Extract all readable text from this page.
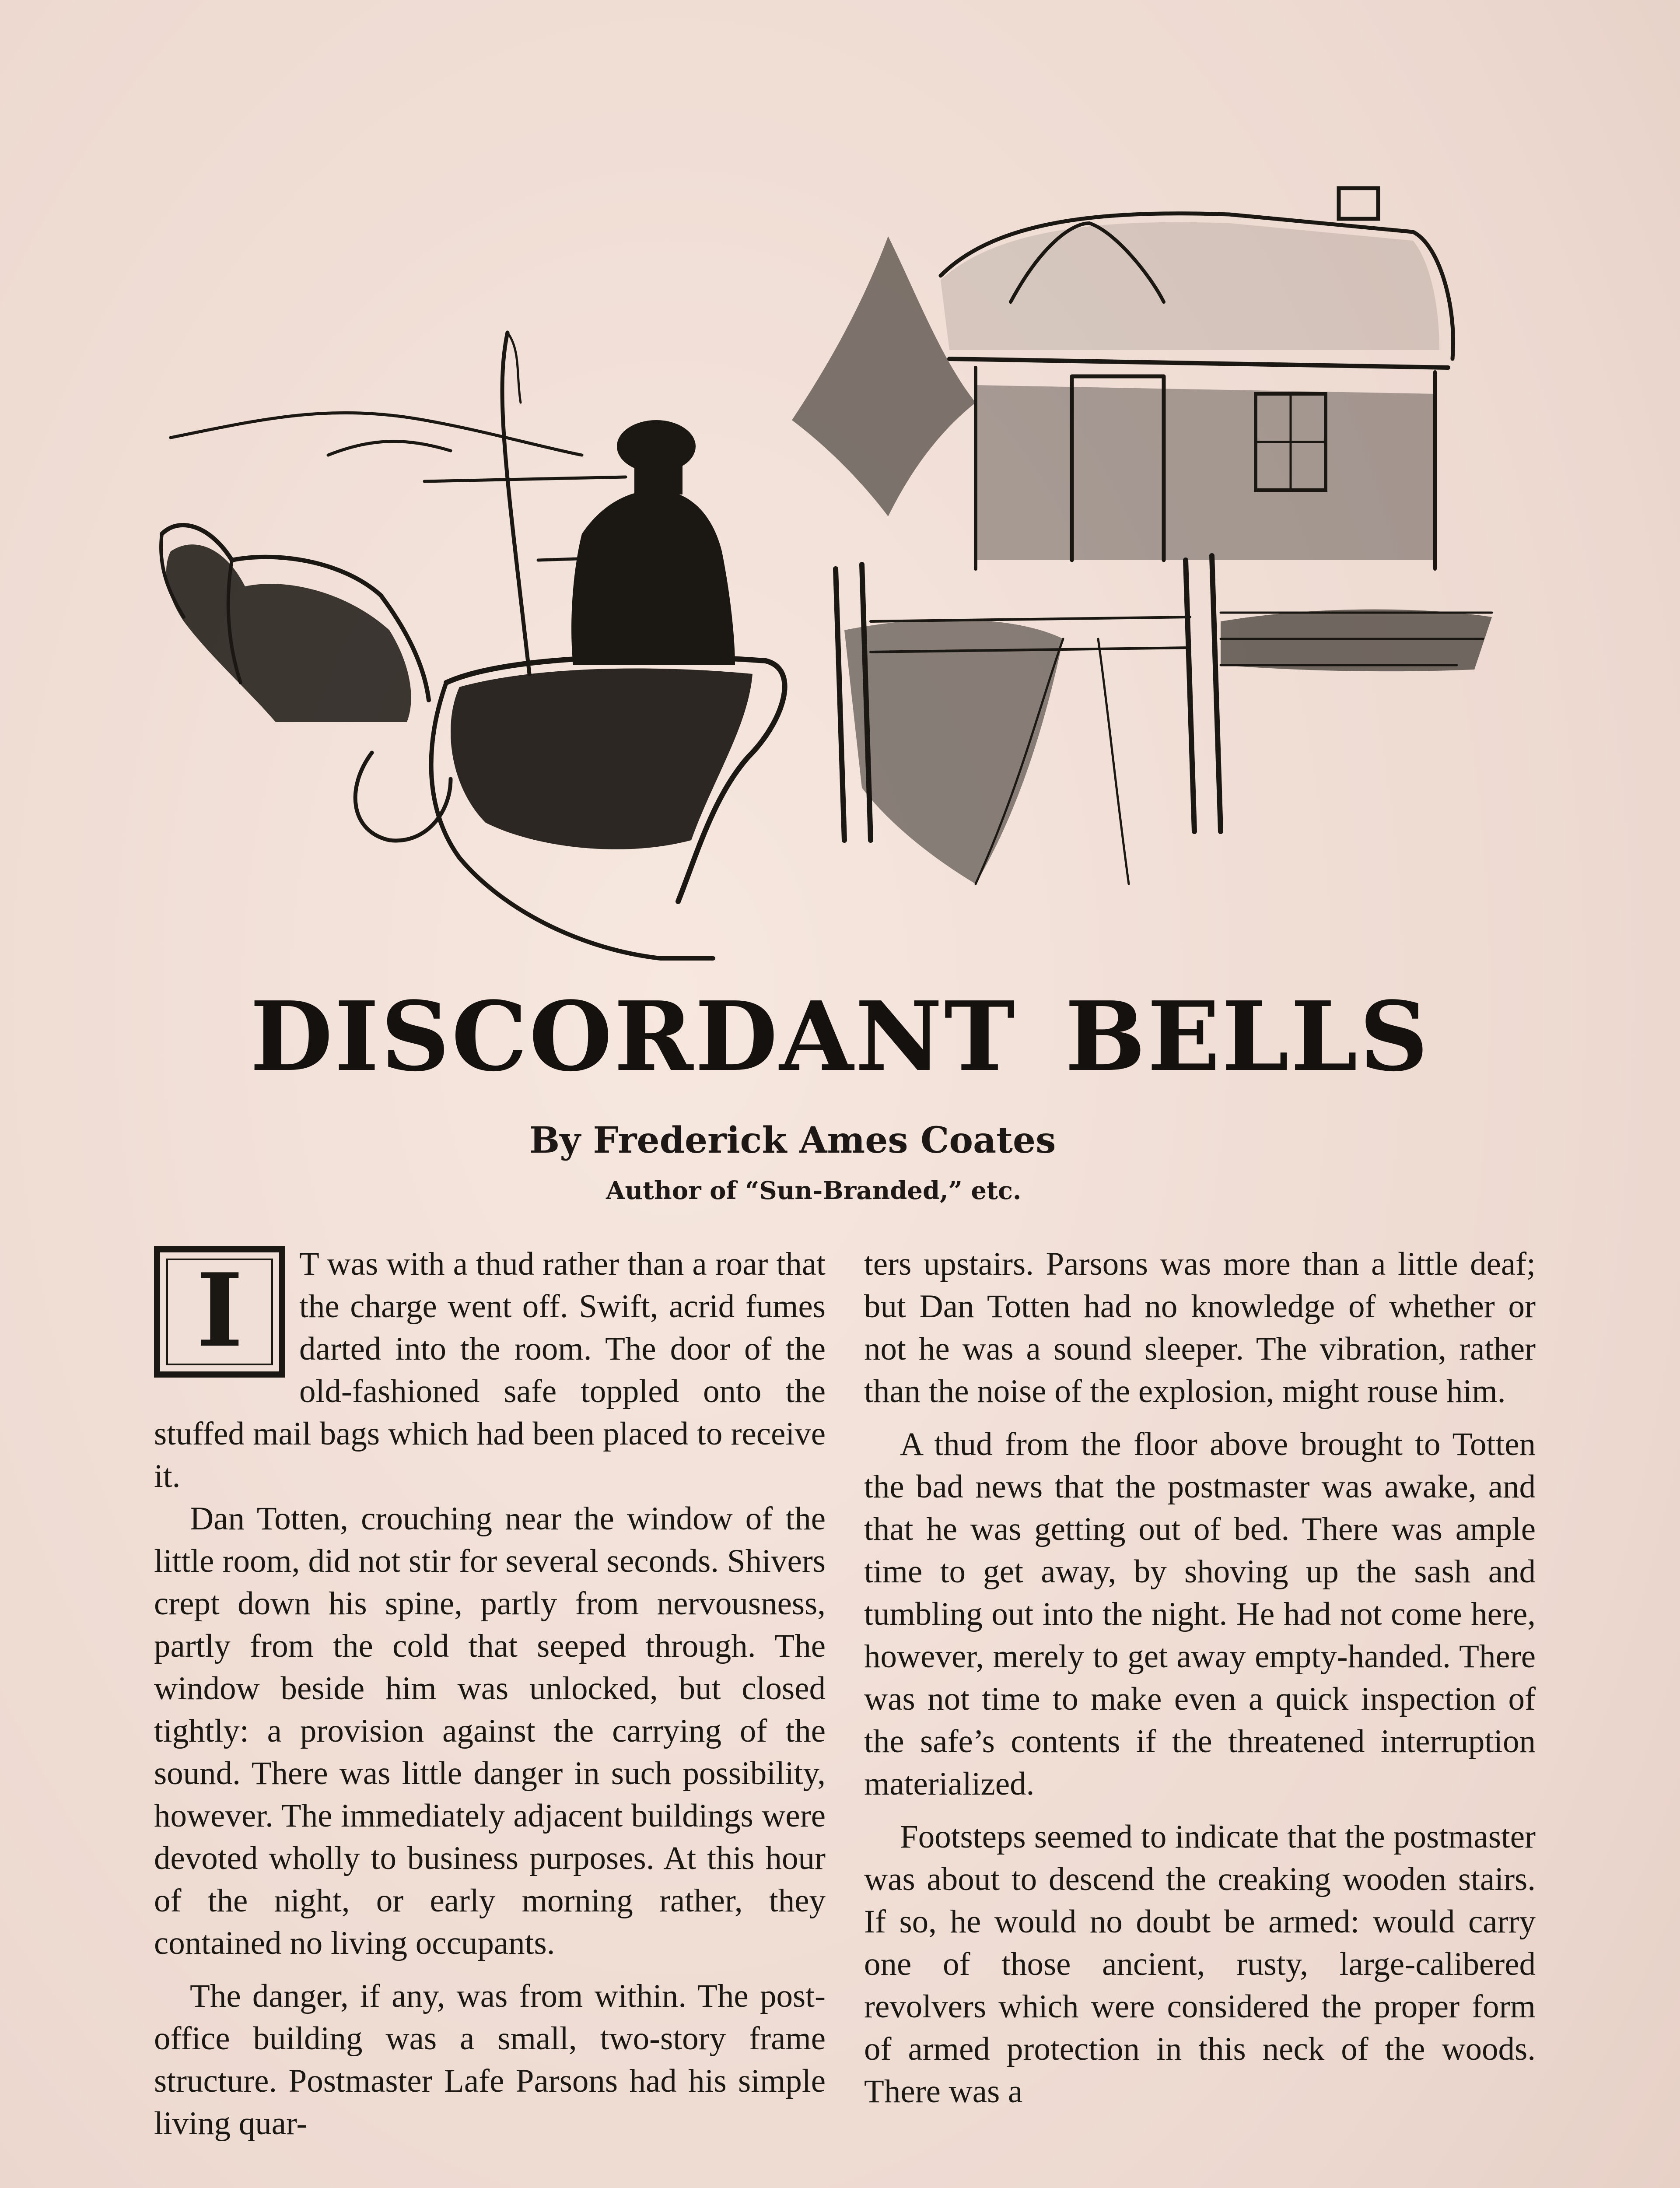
DISCORDANT BELLS

By Frederick Ames Coates

Author of “Sun-Branded,” etc.

I	T was with a thud rather than a roar that the charge went off. Swift, acrid fumes darted into the room. The door of the old-fashioned safe toppled onto the stuffed mail bags which had been placed to receive it.

Dan Totten, crouching near the window of the little room, did not stir for several seconds. Shivers crept down his spine, partly from nervousness, partly from the cold that seeped through. The window beside him was unlocked, but closed tightly: a provision against the carrying of the sound. There was little danger in such possibility, however. The immediately adjacent buildings were devoted wholly to business purposes. At this hour of the night, or early morning rather, they contained no living occupants.

The danger, if any, was from within. The post-office building was a small, two-story frame structure. Postmaster Lafe Parsons had his simple living quar-

ters upstairs. Parsons was more than a little deaf; but Dan Totten had no knowledge of whether or not he was a sound sleeper. The vibration, rather than the noise of the explosion, might rouse him.

A thud from the floor above brought to Totten the bad news that the postmaster was awake, and that he was getting out of bed. There was ample time to get away, by shoving up the sash and tumbling out into the night. He had not come here, however, merely to get away empty-handed. There was not time to make even a quick inspection of the safe’s contents if the threatened interruption materialized.

Footsteps seemed to indicate that the postmaster was about to descend the creaking wooden stairs. If so, he would no doubt be armed: would carry one of those ancient, rusty, large-calibered revolvers which were considered the proper form of armed protection in this neck of the woods. There was a
